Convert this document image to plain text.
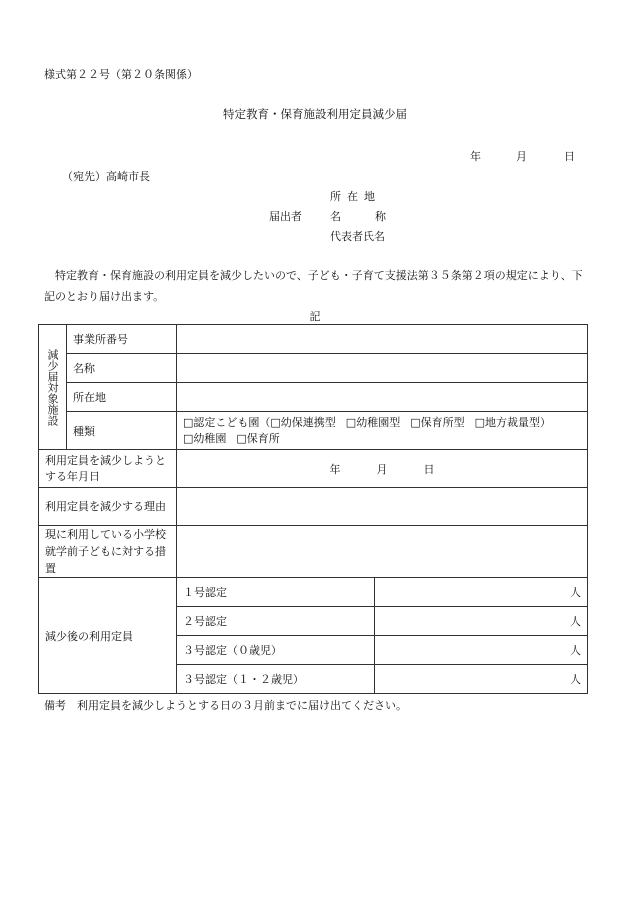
様式第２２号（第２０条関係）
特定教育・保育施設利用定員減少届
年	月	日
（宛先）高崎市長
所在地
届出者	名	称
代表者氏名
特定教育・保育施設の利用定員を減少したいので、子ども・子育て支援法第３５条第２項の規定により、下記のとおり届け出ます。
記
減少届対象施設	事業所番号		
	名称		
	所在地		
	種類	□認定こども園（□幼保連携型 □幼稚園型 □保育所型 □地方裁量型）
□幼稚園 □保育所	
利用定員を減少しようとする年月日		年 月 日	
利用定員を減少する理由			
現に利用している小学校就学前子どもに対する措置			
減少後の利用定員		１号認定	人
		２号認定	人
		３号認定（０歳児）	人
		３号認定（１・２歳児）	人
備考　利用定員を減少しようとする日の３月前までに届け出てください。
